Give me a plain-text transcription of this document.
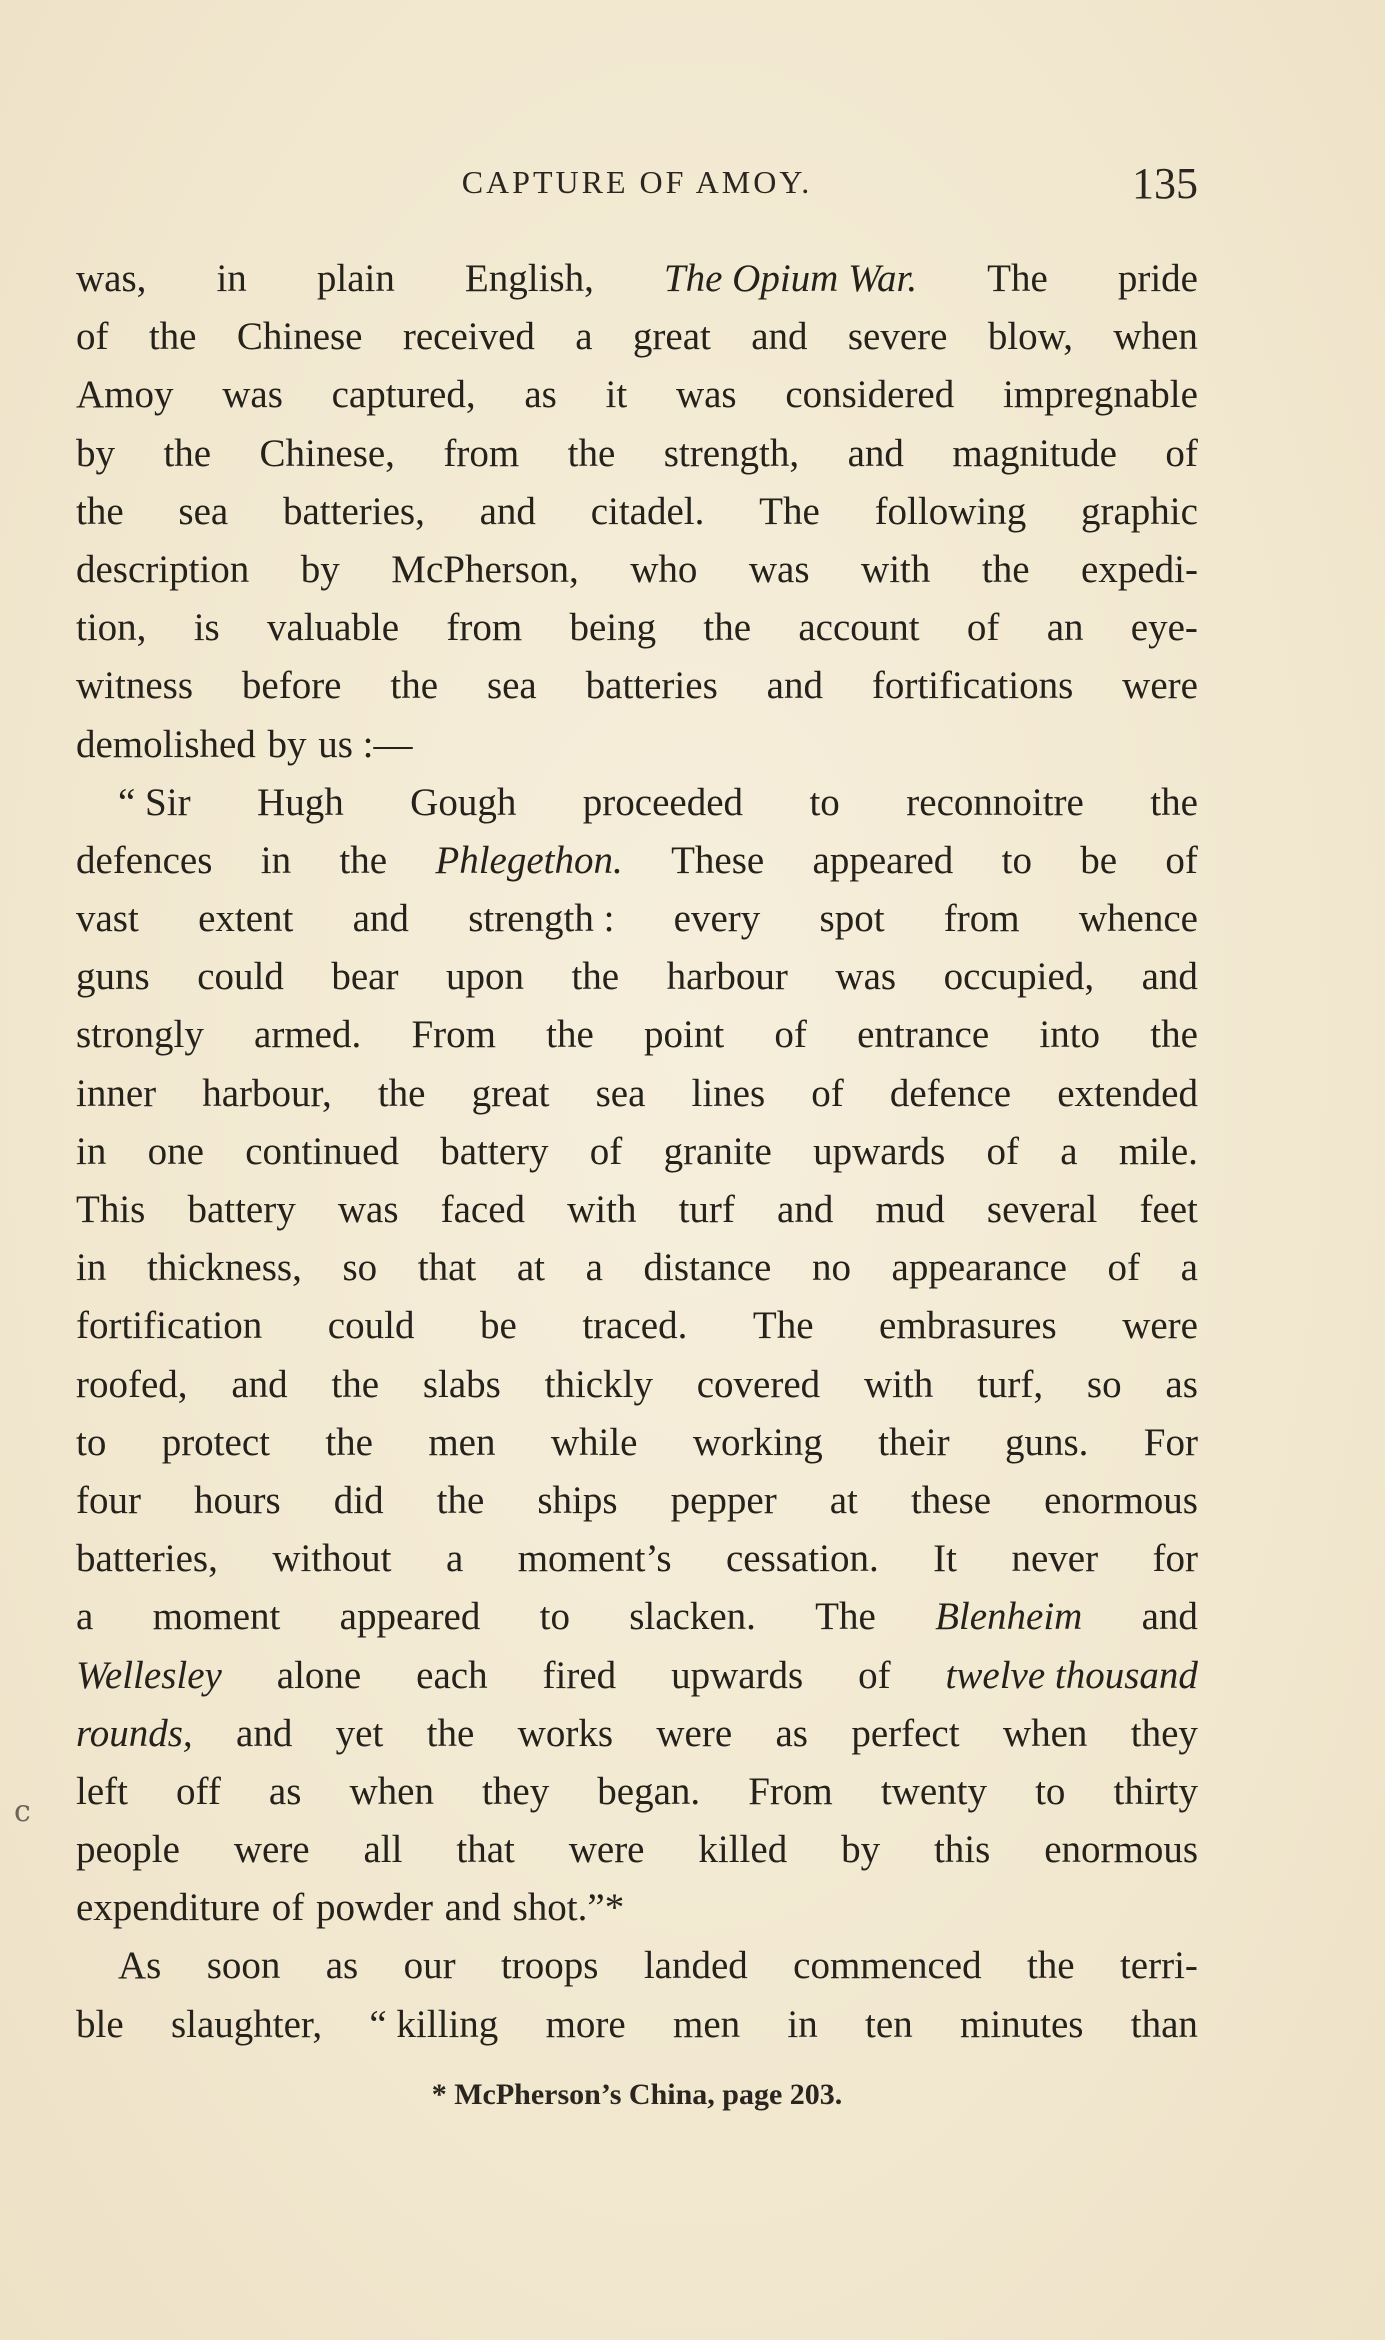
CAPTURE OF AMOY.	135
was, in plain English, The Opium War. The pride
of the Chinese received a great and severe blow, when
Amoy was captured, as it was considered impregnable
by the Chinese, from the strength, and magnitude of
the sea batteries, and citadel. The following graphic
description by McPherson, who was with the expedi-
tion, is valuable from being the account of an eye-
witness before the sea batteries and fortifications were
demolished by us :—
“ Sir Hugh Gough proceeded to reconnoitre the
defences in the Phlegethon. These appeared to be of
vast extent and strength : every spot from whence
guns could bear upon the harbour was occupied, and
strongly armed. From the point of entrance into the
inner harbour, the great sea lines of defence extended
in one continued battery of granite upwards of a mile.
This battery was faced with turf and mud several feet
in thickness, so that at a distance no appearance of a
fortification could be traced. The embrasures were
roofed, and the slabs thickly covered with turf, so as
to protect the men while working their guns. For
four hours did the ships pepper at these enormous
batteries, without a moment’s cessation. It never for
a moment appeared to slacken. The Blenheim and
Wellesley alone each fired upwards of twelve thousand
rounds, and yet the works were as perfect when they
left off as when they began. From twenty to thirty
people were all that were killed by this enormous
expenditure of powder and shot.”*
As soon as our troops landed commenced the terri-
ble slaughter, “ killing more men in ten minutes than
c
* McPherson’s China, page 203.
